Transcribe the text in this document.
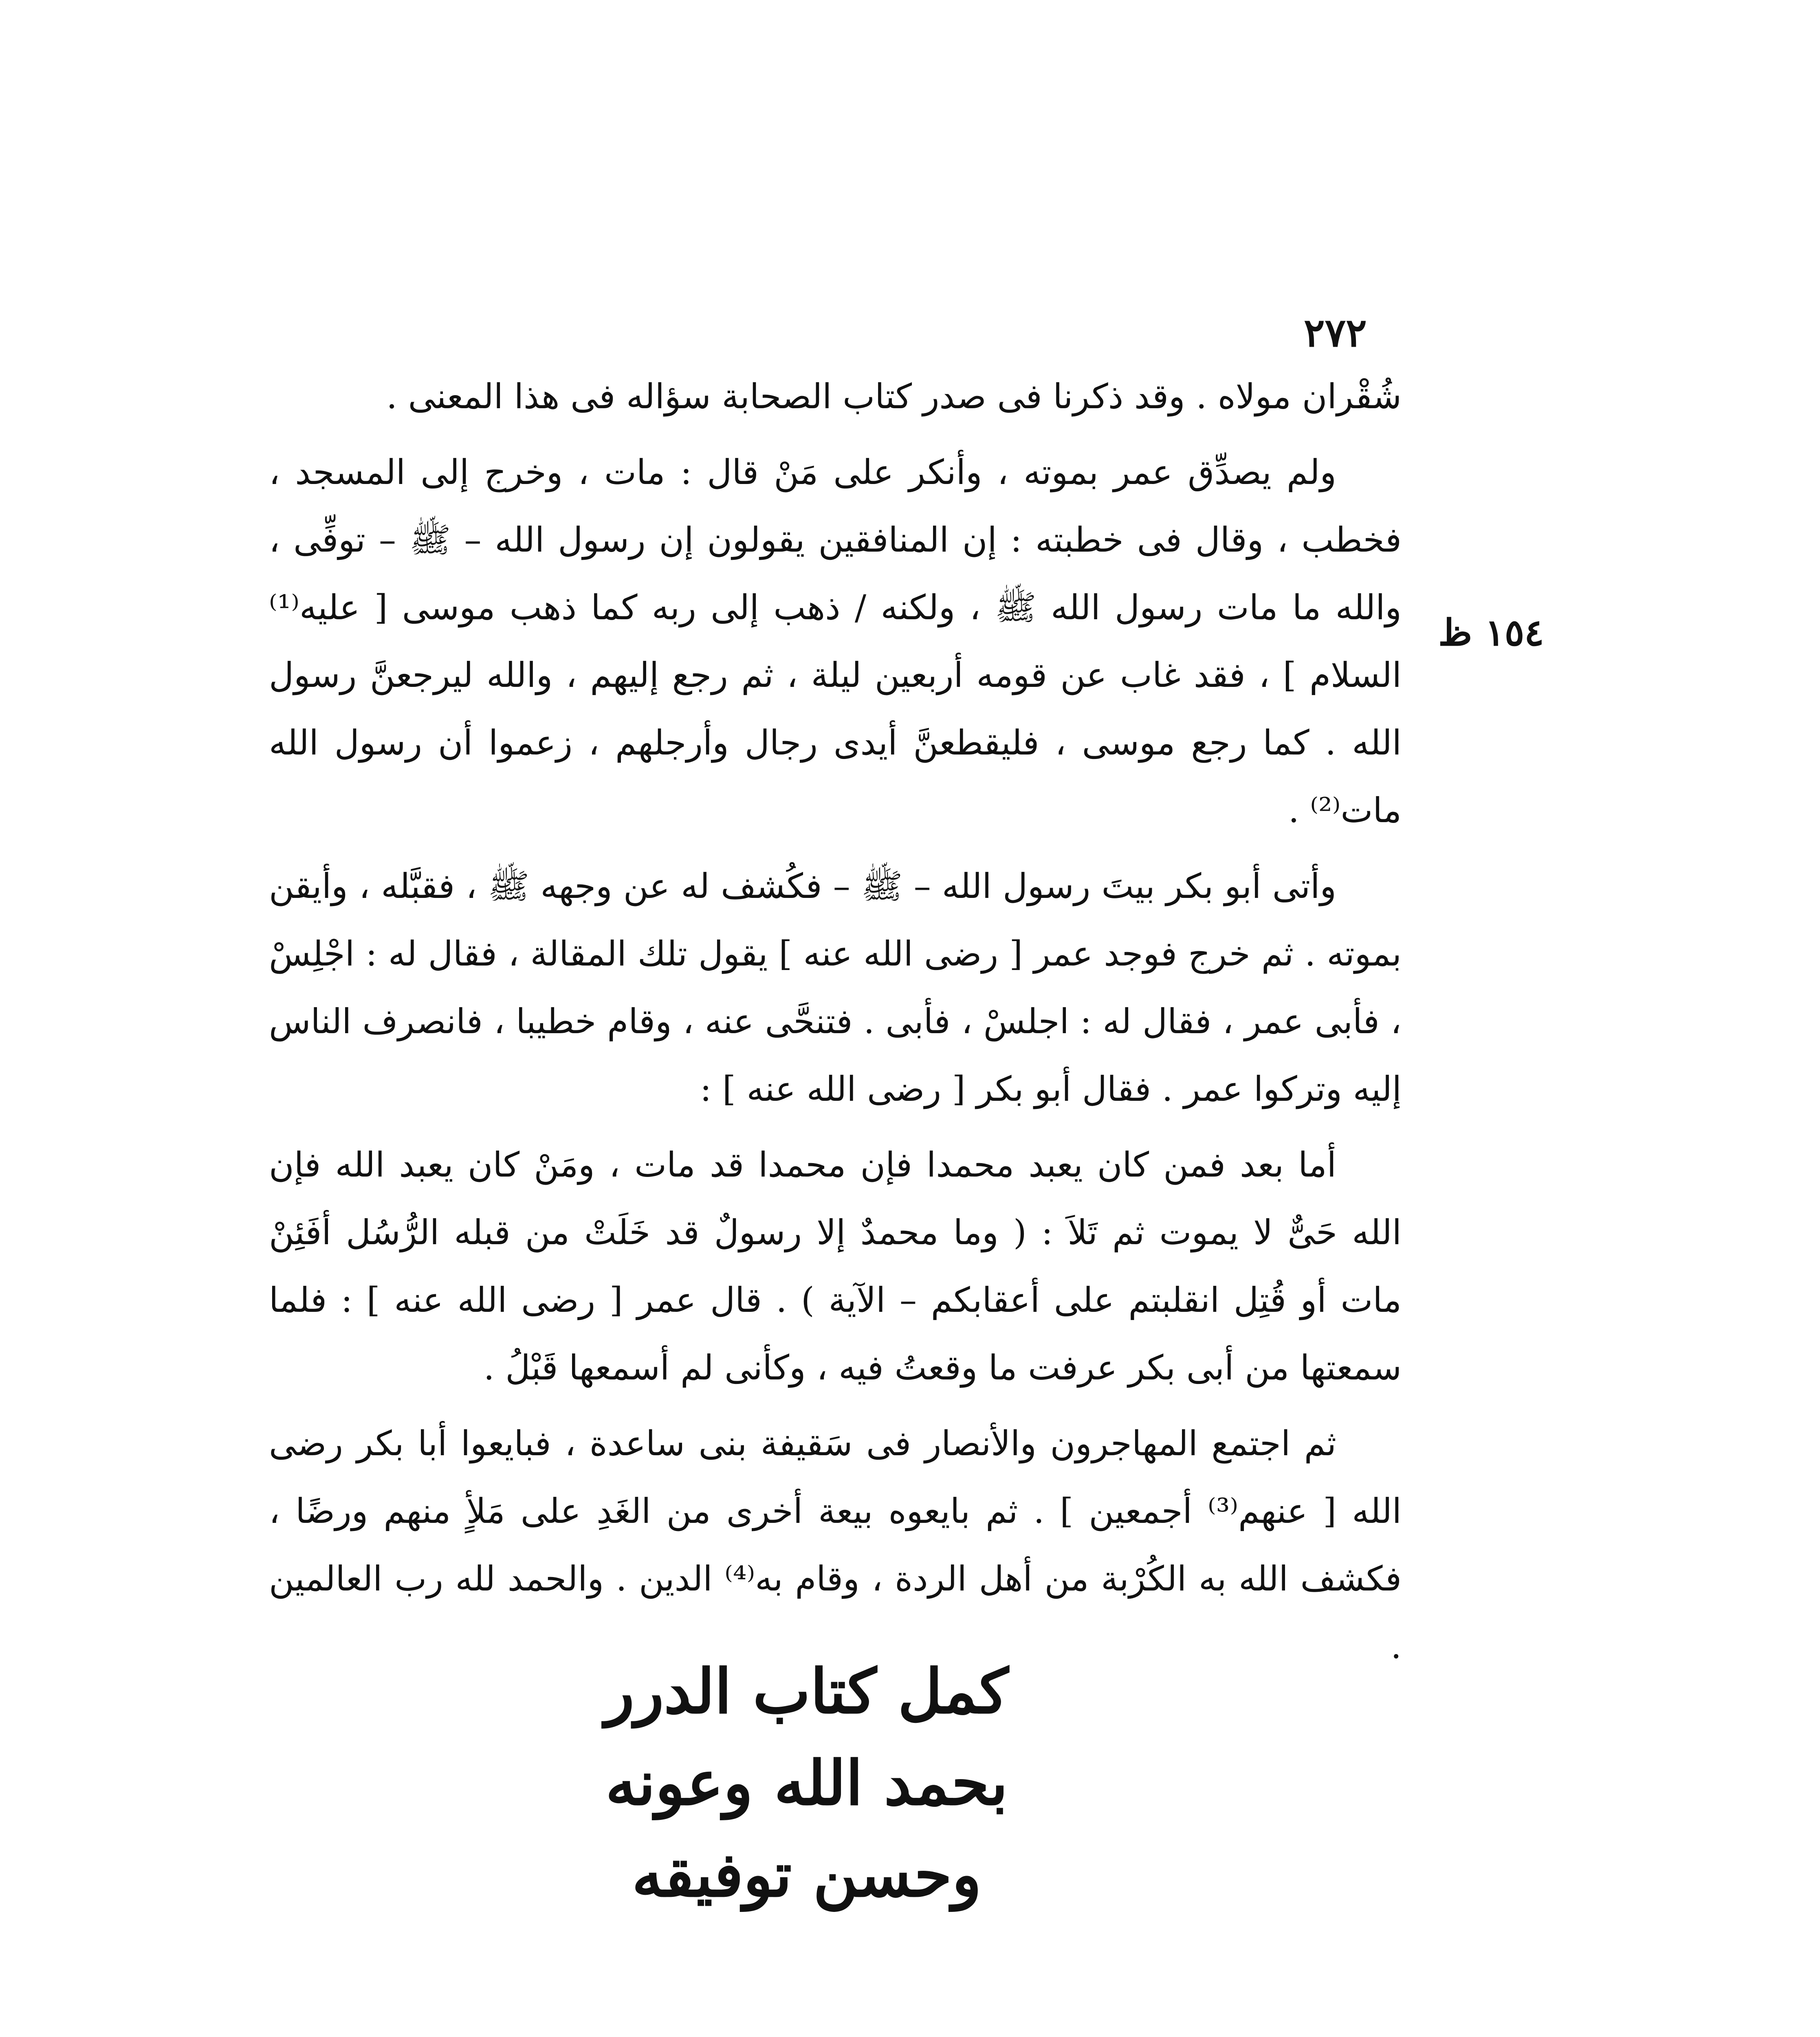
٢٧٢
١٥٤ ظ

شُقْران مولاه . وقد ذكرنا فى صدر كتاب الصحابة سؤاله فى هذا المعنى .

ولم يصدِّق عمر بموته ، وأنكر على مَنْ قال : مات ، وخرج إلى المسجد ، فخطب ، وقال فى خطبته : إن المنافقين يقولون إن رسول الله – ﷺ – توفِّى ، والله ما مات رسول الله ﷺ ، ولكنه / ذهب إلى ربه كما ذهب موسى [ عليه⁽¹⁾ السلام ] ، فقد غاب عن قومه أربعين ليلة ، ثم رجع إليهم ، والله ليرجعنَّ رسول الله . كما رجع موسى ، فليقطعنَّ أيدى رجال وأرجلهم ، زعموا أن رسول الله مات⁽²⁾ .

وأتى أبو بكر بيتَ رسول الله – ﷺ – فكُشف له عن وجهه ﷺ ، فقبَّله ، وأيقن بموته . ثم خرج فوجد عمر [ رضى الله عنه ] يقول تلك المقالة ، فقال له : اجْلِسْ ، فأبى عمر ، فقال له : اجلسْ ، فأبى . فتنحَّى عنه ، وقام خطيبا ، فانصرف الناس إليه وتركوا عمر . فقال أبو بكر [ رضى الله عنه ] :

أما بعد فمن كان يعبد محمدا فإن محمدا قد مات ، ومَنْ كان يعبد الله فإن الله حَىٌّ لا يموت ثم تَلاَ : ( وما محمدٌ إلا رسولٌ قد خَلَتْ من قبله الرُّسُل أفَئِنْ مات أو قُتِل انقلبتم على أعقابكم – الآية ) . قال عمر [ رضى الله عنه ] : فلما سمعتها من أبى بكر عرفت ما وقعتُ فيه ، وكأنى لم أسمعها قَبْلُ .

ثم اجتمع المهاجرون والأنصار فى سَقيفة بنى ساعدة ، فبايعوا أبا بكر رضى الله [ عنهم⁽³⁾ أجمعين ] . ثم بايعوه بيعة أخرى من الغَدِ على مَلأٍ منهم ورضًا ، فكشف الله به الكُرْبة من أهل الردة ، وقام به⁽⁴⁾ الدين . والحمد لله رب العالمين .

كمل كتاب الدرر
بحمد الله وعونه
وحسن توفيقه
